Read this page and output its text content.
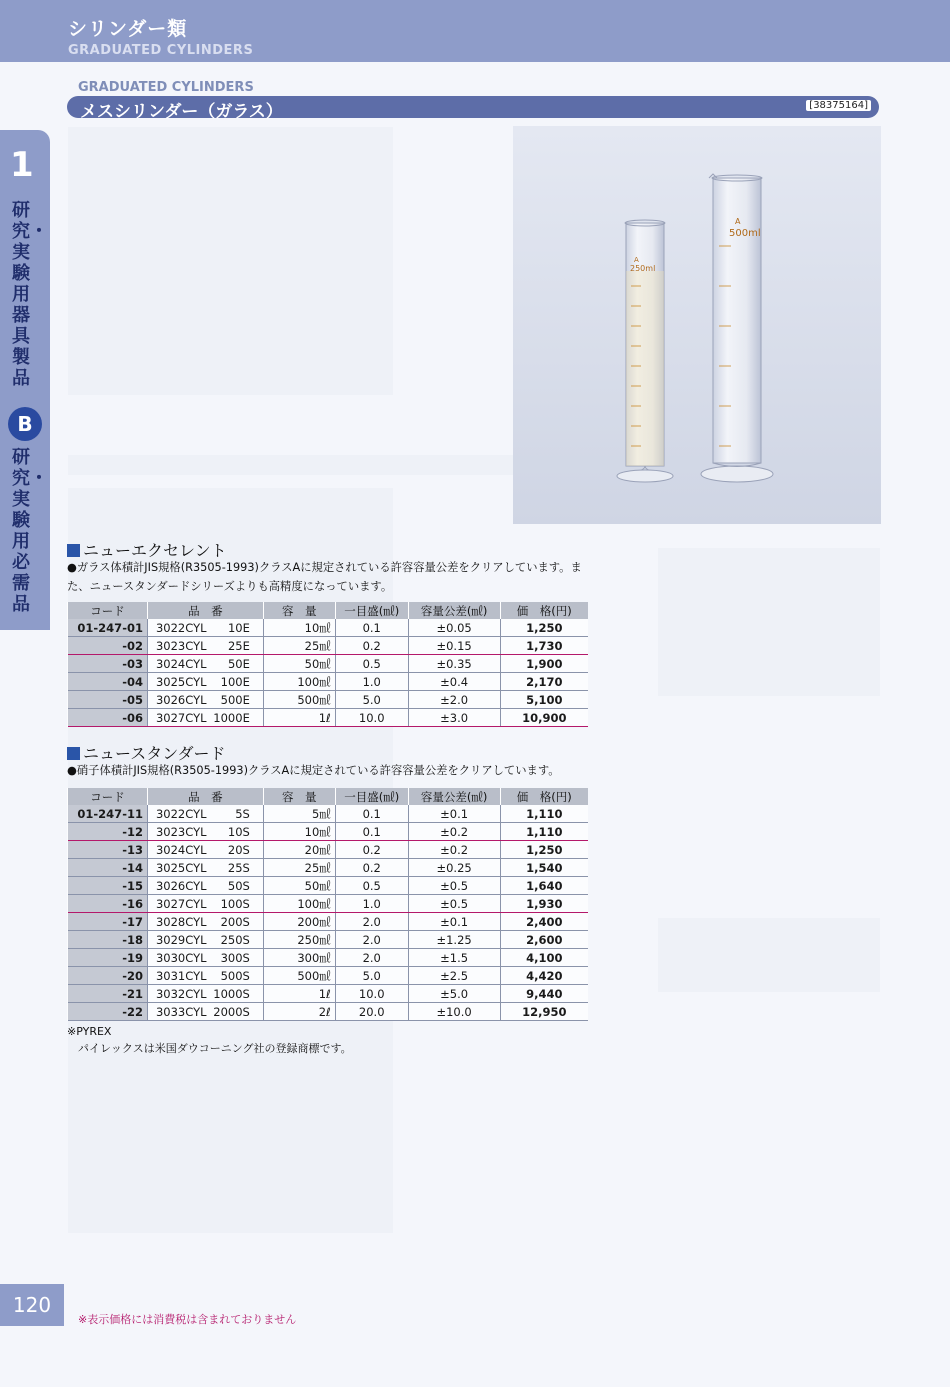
シリンダー類
GRADUATED CYLINDERS
1
研究・実験用器具製品
B
研究・実験用必需品
GRADUATED CYLINDERS
メスシリンダー（ガラス）	[38375164]
A
250ml
A
500ml
ニューエクセレント
●ガラス体積計JIS規格(R3505-1993)クラスAに規定されている許容容量公差をクリアしています。また、ニュースタンダードシリーズよりも高精度になっています。
コード	品　番	容　量	一目盛(㎖)	容量公差(㎖)	価　格(円)
01-247-01	3022CYL 10E	10㎖	0.1	±0.05	1,250
-02	3023CYL 25E	25㎖	0.2	±0.15	1,730
-03	3024CYL 50E	50㎖	0.5	±0.35	1,900
-04	3025CYL 100E	100㎖	1.0	±0.4	2,170
-05	3026CYL 500E	500㎖	5.0	±2.0	5,100
-06	3027CYL 1000E	1ℓ	10.0	±3.0	10,900
ニュースタンダード
●硝子体積計JIS規格(R3505-1993)クラスAに規定されている許容容量公差をクリアしています。
コード	品　番	容　量	一目盛(㎖)	容量公差(㎖)	価　格(円)
01-247-11	3022CYL 5S	5㎖	0.1	±0.1	1,110
-12	3023CYL 10S	10㎖	0.1	±0.2	1,110
-13	3024CYL 20S	20㎖	0.2	±0.2	1,250
-14	3025CYL 25S	25㎖	0.2	±0.25	1,540
-15	3026CYL 50S	50㎖	0.5	±0.5	1,640
-16	3027CYL 100S	100㎖	1.0	±0.5	1,930
-17	3028CYL 200S	200㎖	2.0	±0.1	2,400
-18	3029CYL 250S	250㎖	2.0	±1.25	2,600
-19	3030CYL 300S	300㎖	2.0	±1.5	4,100
-20	3031CYL 500S	500㎖	5.0	±2.5	4,420
-21	3032CYL 1000S	1ℓ	10.0	±5.0	9,440
-22	3033CYL 2000S	2ℓ	20.0	±10.0	12,950
※PYREX
パイレックスは米国ダウコーニング社の登録商標です。
120
※表示価格には消費税は含まれておりません
